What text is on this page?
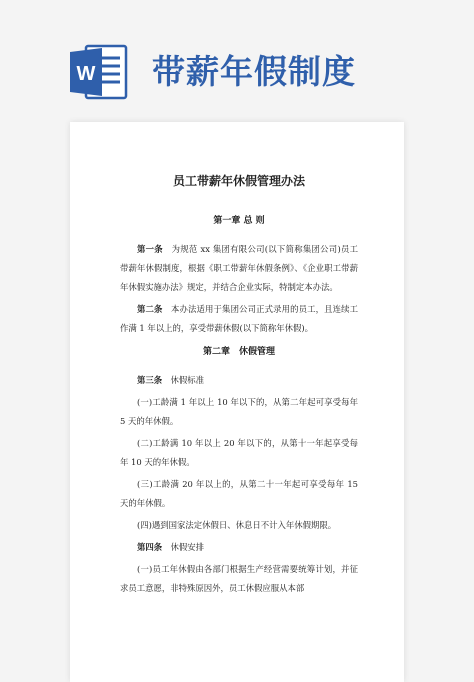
W 带薪年假制度
员工带薪年休假管理办法
第一章 总 则

第一条　 为规范 xx 集团有限公司(以下简称集团公司)员工带薪年休假制度，根据《职工带薪年休假条例》、《企业职工带薪年休假实施办法》规定，并结合企业实际，特制定本办法。

第二条　 本办法适用于集团公司正式录用的员工，且连续工作满 1 年以上的，享受带薪休假(以下简称年休假)。

第二章　休假管理

第三条　 休假标准

(一)工龄满 1 年以上 10 年以下的，从第二年起可享受每年 5 天的年休假。

(二)工龄满 10 年以上 20 年以下的，从第十一年起享受每年 10 天的年休假。

(三)工龄满 20 年以上的，从第二十一年起可享受每年 15 天的年休假。

(四)遇到国家法定休假日、休息日不计入年休假期限。

第四条　 休假安排

(一)员工年休假由各部门根据生产经营需要统筹计划，并征求员工意愿，非特殊原因外，员工休假应服从本部
